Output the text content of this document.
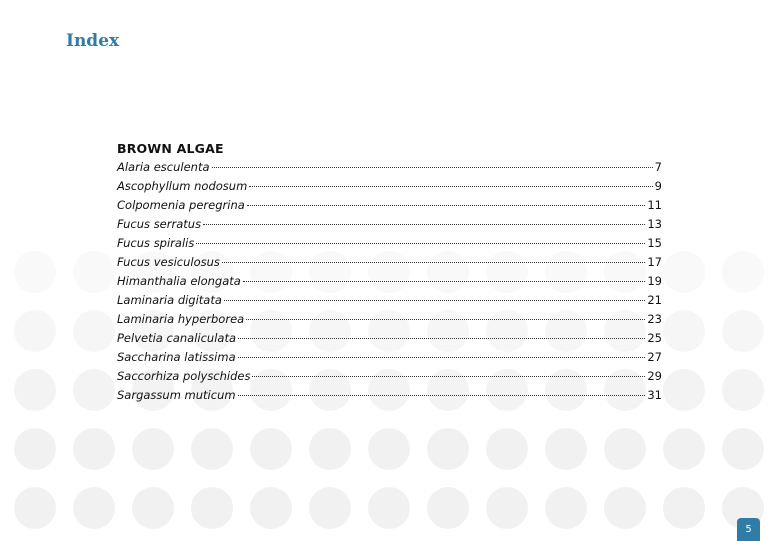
Index
BROWN ALGAE
Alaria esculenta	7
Ascophyllum nodosum	9
Colpomenia peregrina	11
Fucus serratus	13
Fucus spiralis	15
Fucus vesiculosus	17
Himanthalia elongata	19
Laminaria digitata	21
Laminaria hyperborea	23
Pelvetia canaliculata	25
Saccharina latissima	27
Saccorhiza polyschides	29
Sargassum muticum	31
5
